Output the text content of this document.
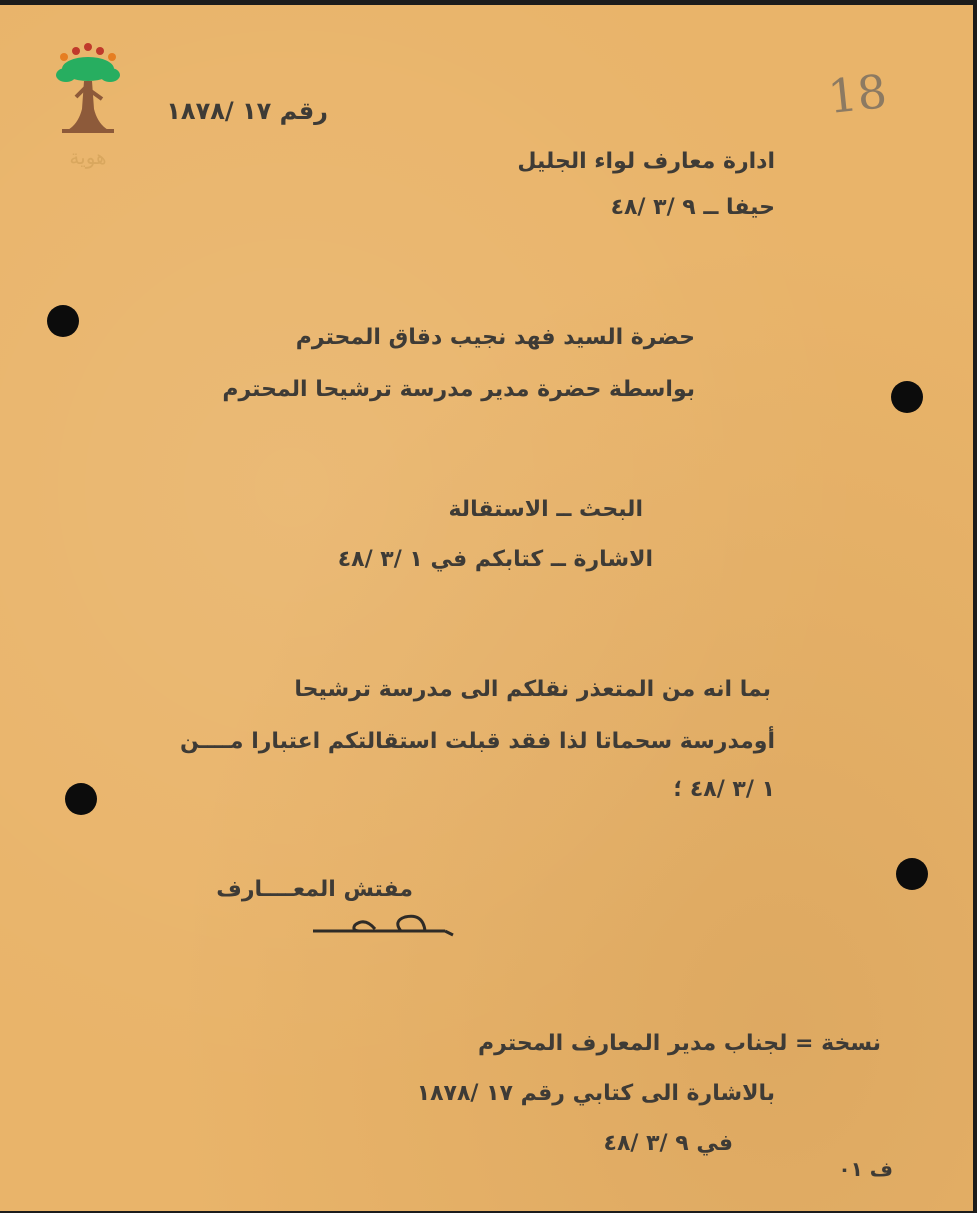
هوية
18
رقم ١٧ /١٨٧٨
ادارة معارف لواء الجليل
حيفا ــ ٩ /٣ /٤٨
حضرة السيد فهد نجيب دقاق المحترم
بواسطة حضرة مدير مدرسة ترشيحا المحترم
البحث ــ الاستقالة
الاشارة ــ كتابكم في ١ /٣ /٤٨
بما انه من المتعذر نقلكم الى مدرسة ترشيحا
أومدرسة سحماتا لذا فقد قبلت استقالتكم اعتبارا مــــن
١ /٣ /٤٨ ؛
مفتش المعــــارف
نسخة = لجناب مدير المعارف المحترم
بالاشارة الى كتابي رقم ١٧ /١٨٧٨
في ٩ /٣ /٤٨
ف ٠١
